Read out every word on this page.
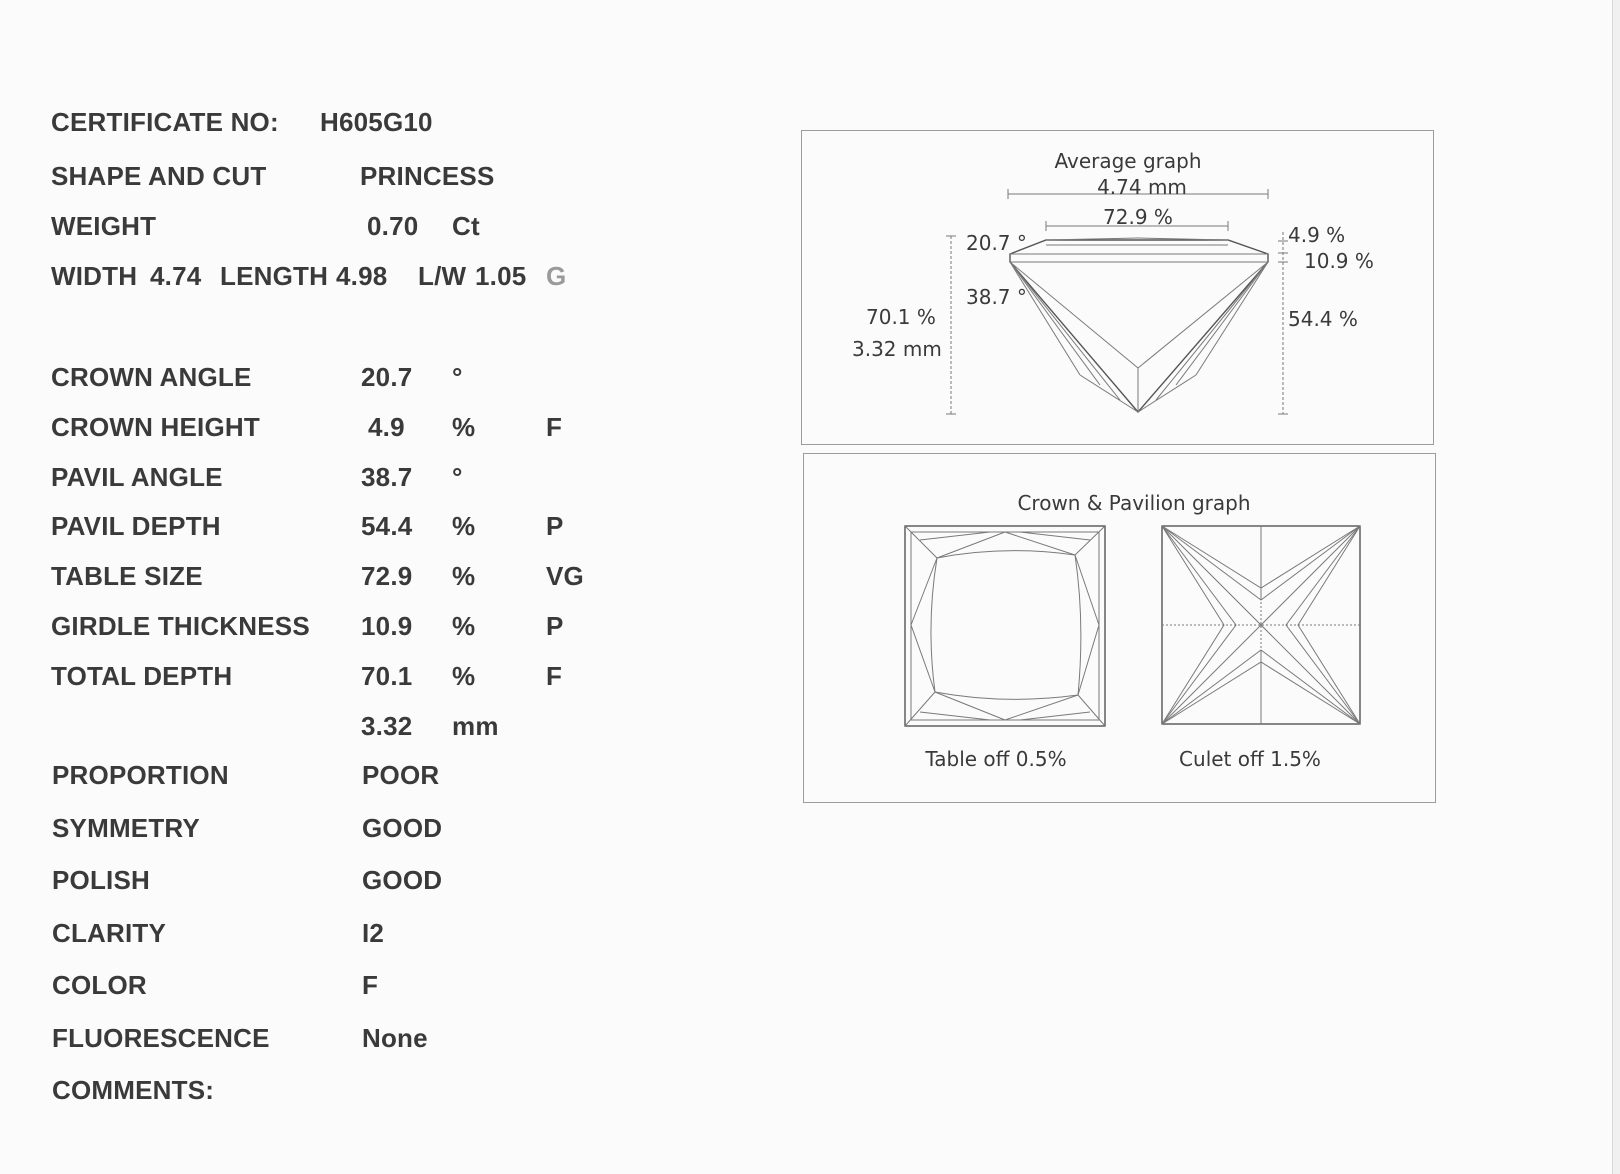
CERTIFICATE NO: H605G10
SHAPE AND CUT	PRINCESS
WEIGHT	0.70 Ct
WIDTH 4.74 LENGTH 4.98 L/W 1.05 G
CROWN ANGLE	20.7 °
CROWN HEIGHT	4.9 %	F
PAVIL ANGLE	38.7 °
PAVIL DEPTH	54.4 %	P
TABLE SIZE	72.9 %	VG
GIRDLE THICKNESS 10.9 %	P
TOTAL DEPTH	70.1 %	F
3.32 mm
PROPORTION	POOR
SYMMETRY	GOOD
POLISH	GOOD
CLARITY	I2
COLOR	F
FLUORESCENCE	None
COMMENTS:
Average graph
4.74 mm
72.9 %
20.7 °
38.7 °
70.1 %
3.32 mm
4.9 %
10.9 %
54.4 %
Crown & Pavilion graph
Table off 0.5%	Culet off 1.5%
